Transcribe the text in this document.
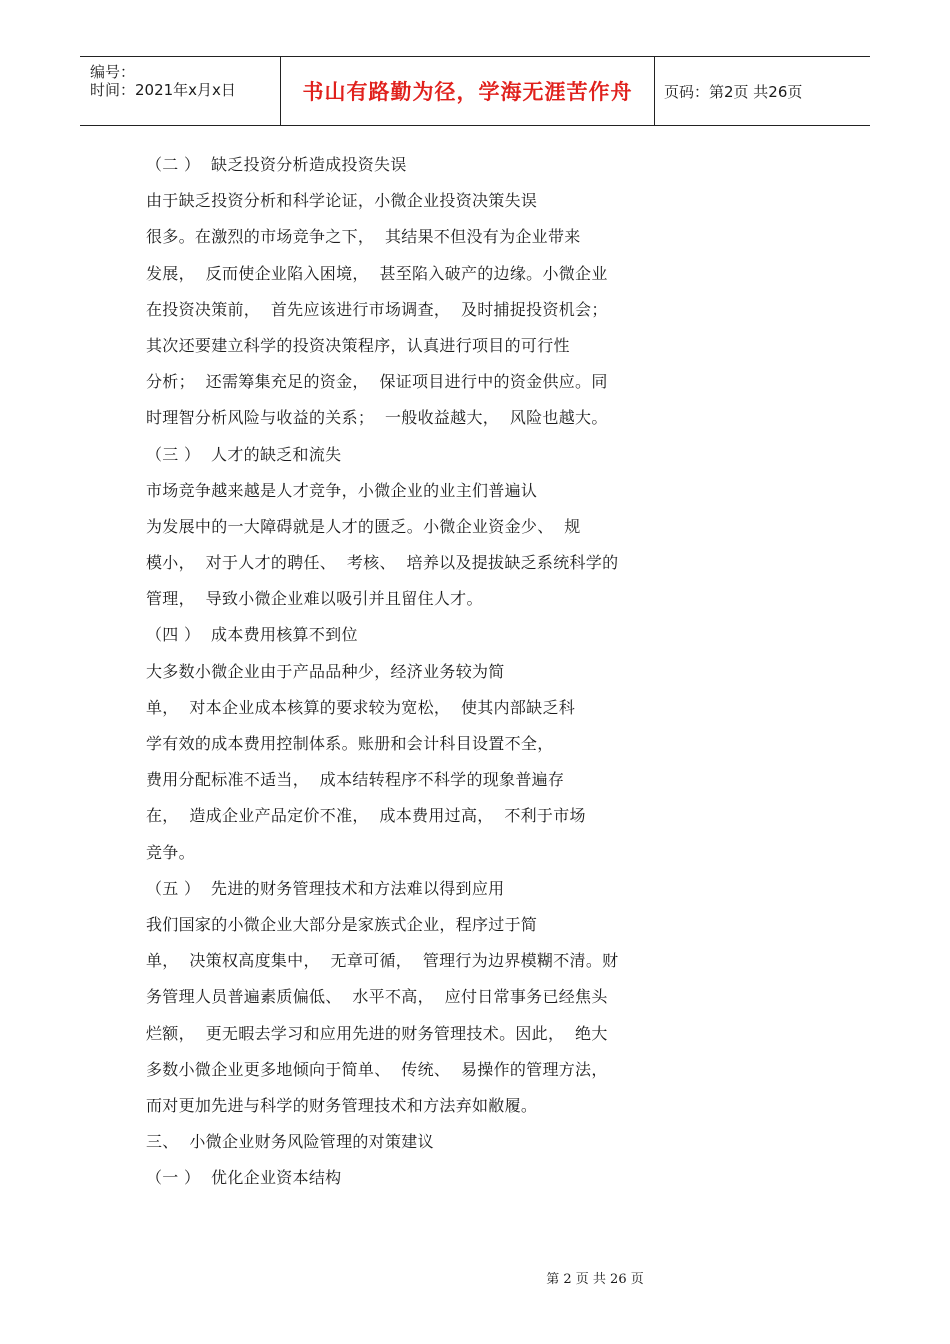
编号：
时间：2021年x月x日	书山有路勤为径，学海无涯苦作舟 页码：第2页 共26页
（二 ）  缺乏投资分析造成投资失误
由于缺乏投资分析和科学论证，小微企业投资决策失误
很多。在激烈的市场竞争之下，  其结果不但没有为企业带来
发展，  反而使企业陷入困境，  甚至陷入破产的边缘。小微企业
在投资决策前，  首先应该进行市场调查，  及时捕捉投资机会；
其次还要建立科学的投资决策程序，认真进行项目的可行性
分析；  还需筹集充足的资金，  保证项目进行中的资金供应。同
时理智分析风险与收益的关系；  一般收益越大，  风险也越大。
（三 ）  人才的缺乏和流失
市场竞争越来越是人才竞争，小微企业的业主们普遍认
为发展中的一大障碍就是人才的匮乏。小微企业资金少、  规
模小，  对于人才的聘任、  考核、  培养以及提拔缺乏系统科学的
管理，  导致小微企业难以吸引并且留住人才。
（四 ）  成本费用核算不到位
大多数小微企业由于产品品种少，经济业务较为简
单，  对本企业成本核算的要求较为宽松，  使其内部缺乏科
学有效的成本费用控制体系。账册和会计科目设置不全，
费用分配标准不适当，  成本结转程序不科学的现象普遍存
在，  造成企业产品定价不准，  成本费用过高，  不利于市场
竞争。
（五 ）  先进的财务管理技术和方法难以得到应用
我们国家的小微企业大部分是家族式企业，程序过于简
单，  决策权高度集中，  无章可循，  管理行为边界模糊不清。财
务管理人员普遍素质偏低、  水平不高，  应付日常事务已经焦头
烂额，  更无暇去学习和应用先进的财务管理技术。因此，  绝大
多数小微企业更多地倾向于简单、  传统、  易操作的管理方法，
而对更加先进与科学的财务管理技术和方法弃如敝履。
三、  小微企业财务风险管理的对策建议
（一 ）  优化企业资本结构
第 2 页 共 26 页
